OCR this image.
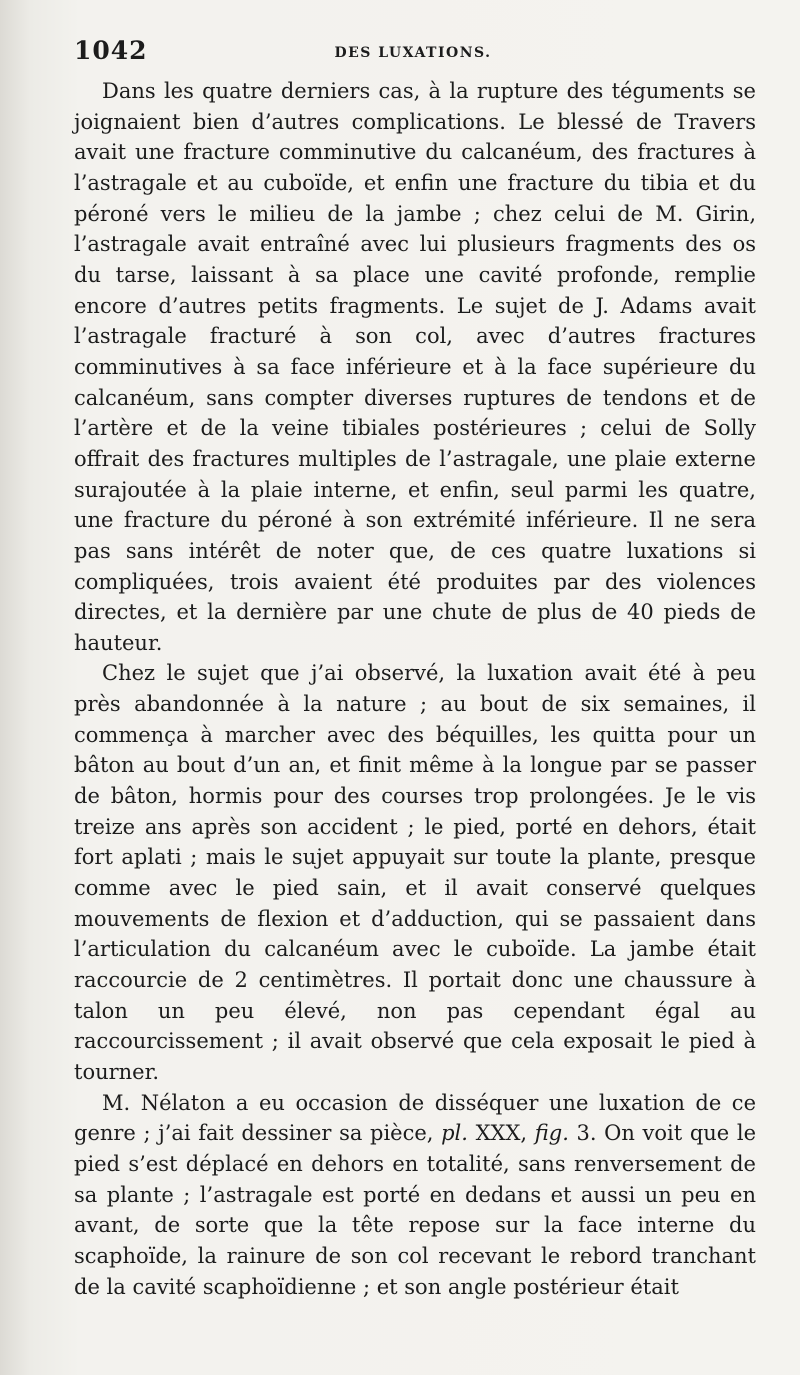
1042	DES LUXATIONS.

Dans les quatre derniers cas, à la rupture des téguments se joignaient bien d’autres complications. Le blessé de Travers avait une fracture comminutive du calcanéum, des fractures à l’astragale et au cuboïde, et enfin une fracture du tibia et du péroné vers le milieu de la jambe ; chez celui de M. Girin, l’astragale avait entraîné avec lui plusieurs fragments des os du tarse, laissant à sa place une cavité profonde, remplie encore d’autres petits fragments. Le sujet de J. Adams avait l’astragale fracturé à son col, avec d’autres fractures comminutives à sa face inférieure et à la face supérieure du calcanéum, sans compter diverses ruptures de tendons et de l’artère et de la veine tibiales postérieures ; celui de Solly offrait des fractures multiples de l’astragale, une plaie externe surajoutée à la plaie interne, et enfin, seul parmi les quatre, une fracture du péroné à son extrémité inférieure. Il ne sera pas sans intérêt de noter que, de ces quatre luxations si compliquées, trois avaient été produites par des violences directes, et la dernière par une chute de plus de 40 pieds de hauteur.

Chez le sujet que j’ai observé, la luxation avait été à peu près abandonnée à la nature ; au bout de six semaines, il commença à marcher avec des béquilles, les quitta pour un bâton au bout d’un an, et finit même à la longue par se passer de bâton, hormis pour des courses trop prolongées. Je le vis treize ans après son accident ; le pied, porté en dehors, était fort aplati ; mais le sujet appuyait sur toute la plante, presque comme avec le pied sain, et il avait conservé quelques mouvements de flexion et d’adduction, qui se passaient dans l’articulation du calcanéum avec le cuboïde. La jambe était raccourcie de 2 centimètres. Il portait donc une chaussure à talon un peu élevé, non pas cependant égal au raccourcissement ; il avait observé que cela exposait le pied à tourner.

M. Nélaton a eu occasion de disséquer une luxation de ce genre ; j’ai fait dessiner sa pièce, pl. XXX, fig. 3. On voit que le pied s’est déplacé en dehors en totalité, sans renversement de sa plante ; l’astragale est porté en dedans et aussi un peu en avant, de sorte que la tête repose sur la face interne du scaphoïde, la rainure de son col recevant le rebord tranchant de la cavité scaphoïdienne ; et son angle postérieur était
